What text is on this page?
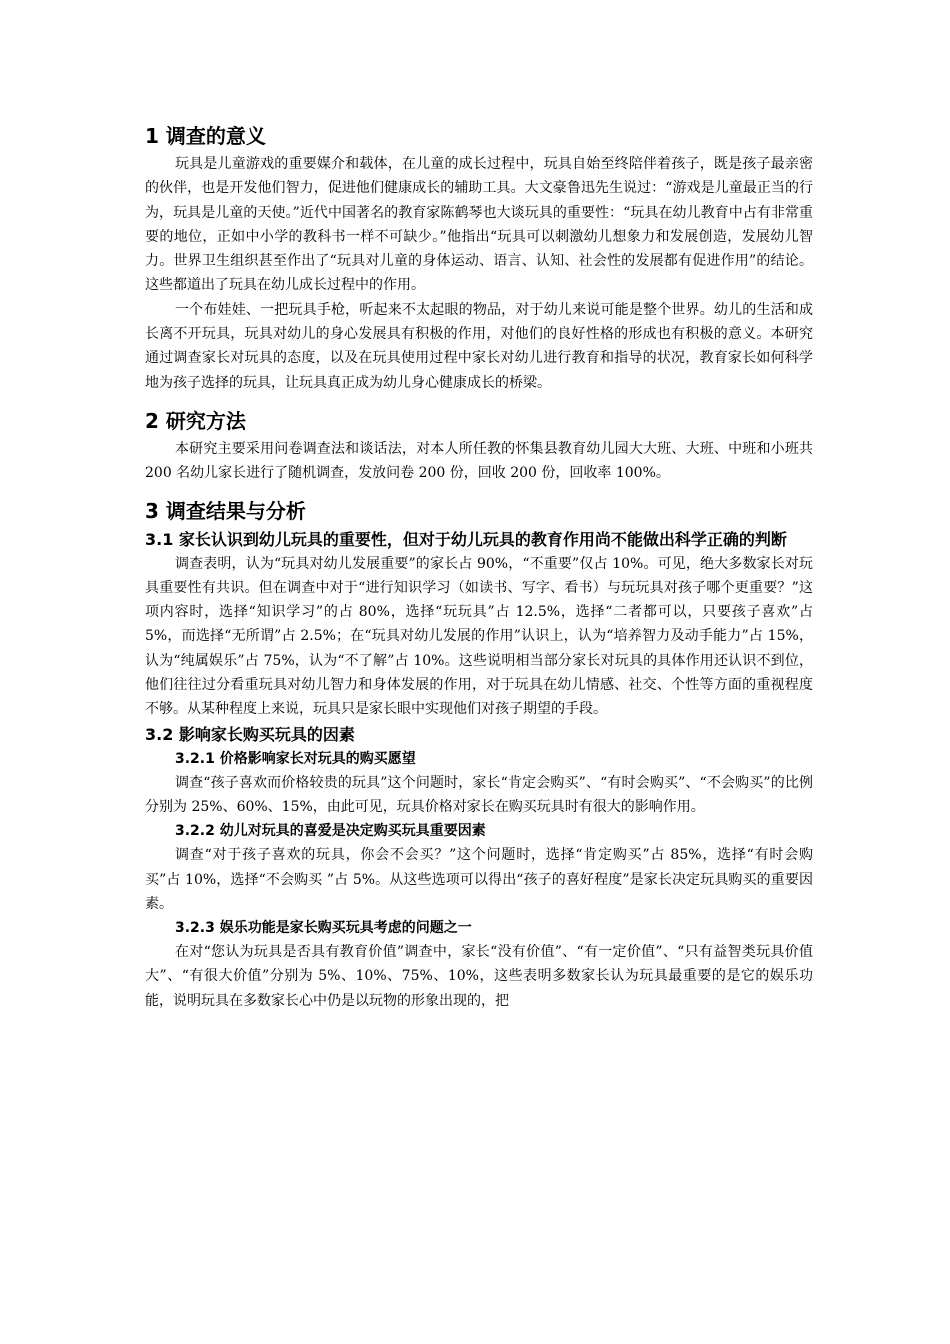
1 调查的意义

玩具是儿童游戏的重要媒介和载体，在儿童的成长过程中，玩具自始至终陪伴着孩子，既是孩子最亲密的伙伴，也是开发他们智力，促进他们健康成长的辅助工具。大文豪鲁迅先生说过：“游戏是儿童最正当的行为，玩具是儿童的天使。”近代中国著名的教育家陈鹤琴也大谈玩具的重要性：“玩具在幼儿教育中占有非常重要的地位，正如中小学的教科书一样不可缺少。”他指出“玩具可以刺激幼儿想象力和发展创造，发展幼儿智力。世界卫生组织甚至作出了“玩具对儿童的身体运动、语言、认知、社会性的发展都有促进作用”的结论。这些都道出了玩具在幼儿成长过程中的作用。

一个布娃娃、一把玩具手枪，听起来不太起眼的物品，对于幼儿来说可能是整个世界。幼儿的生活和成长离不开玩具，玩具对幼儿的身心发展具有积极的作用，对他们的良好性格的形成也有积极的意义。本研究通过调查家长对玩具的态度，以及在玩具使用过程中家长对幼儿进行教育和指导的状况，教育家长如何科学地为孩子选择的玩具，让玩具真正成为幼儿身心健康成长的桥梁。

2 研究方法

本研究主要采用问卷调查法和谈话法，对本人所任教的怀集县教育幼儿园大大班、大班、中班和小班共 200 名幼儿家长进行了随机调查，发放问卷 200 份，回收 200 份，回收率 100%。

3 调查结果与分析
3.1 家长认识到幼儿玩具的重要性，但对于幼儿玩具的教育作用尚不能做出科学正确的判断

调查表明，认为“玩具对幼儿发展重要”的家长占 90%，“不重要”仅占 10%。可见，绝大多数家长对玩具重要性有共识。但在调查中对于“进行知识学习（如读书、写字、看书）与玩玩具对孩子哪个更重要？”这项内容时，选择“知识学习”的占 80%，选择“玩玩具”占 12.5%，选择“二者都可以，只要孩子喜欢”占 5%，而选择“无所谓”占 2.5%；在“玩具对幼儿发展的作用”认识上，认为“培养智力及动手能力”占 15%，认为“纯属娱乐”占 75%，认为“不了解”占 10%。这些说明相当部分家长对玩具的具体作用还认识不到位，他们往往过分看重玩具对幼儿智力和身体发展的作用，对于玩具在幼儿情感、社交、个性等方面的重视程度不够。从某种程度上来说，玩具只是家长眼中实现他们对孩子期望的手段。

3.2 影响家长购买玩具的因素
3.2.1 价格影响家长对玩具的购买愿望

调查“孩子喜欢而价格较贵的玩具”这个问题时，家长“肯定会购买”、“有时会购买”、“不会购买”的比例分别为 25%、60%、15%，由此可见，玩具价格对家长在购买玩具时有很大的影响作用。

3.2.2 幼儿对玩具的喜爱是决定购买玩具重要因素

调查“对于孩子喜欢的玩具，你会不会买？”这个问题时，选择“肯定购买”占 85%，选择“有时会购买”占 10%，选择“不会购买 ”占 5%。从这些选项可以得出“孩子的喜好程度”是家长决定玩具购买的重要因素。

3.2.3 娱乐功能是家长购买玩具考虑的问题之一

在对“您认为玩具是否具有教育价值”调查中，家长“没有价值”、“有一定价值”、“只有益智类玩具价值大”、“有很大价值”分别为 5%、10%、75%、10%，这些表明多数家长认为玩具最重要的是它的娱乐功能，说明玩具在多数家长心中仍是以玩物的形象出现的，把
